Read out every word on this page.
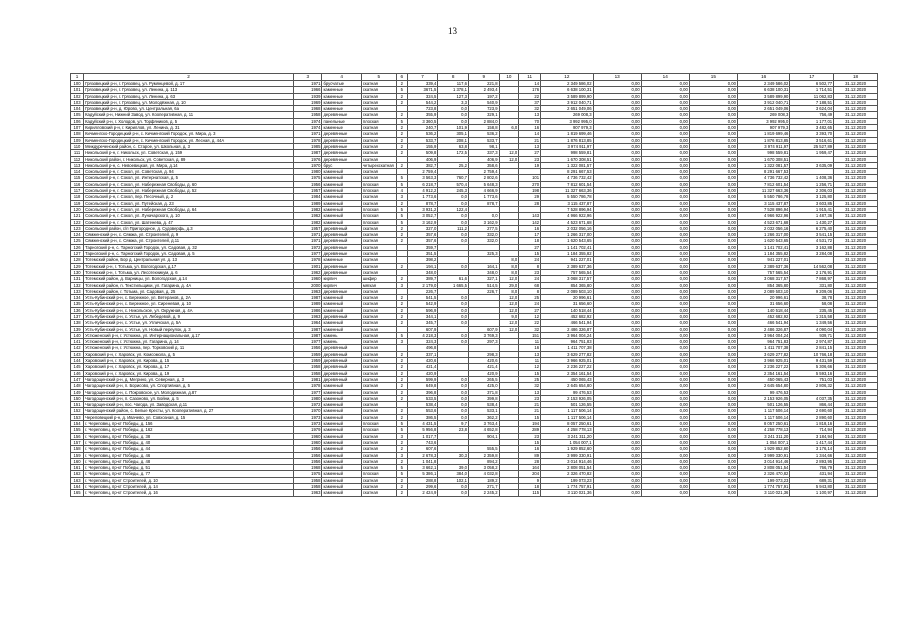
13
1	2	3	4	5	6	7	8	9	10	11	12	13	14	15	16	17	18
100	Грязовецкий р-н, г. Грязовец, ул. Румянцевой, д. 17	1971	брусчатые	скатная	2	339,4	117,6	221,8		14	2 349 586,02	0,00	0,00	0,00	2 349 586,02	6 502,77	31.12.2020
101	Грязовецкий р-н, г. Грязовец, ул. Ленина, д. 113	1966	каменные	скатная	5	3671,5	1 378,1	2 493,4		176	6 638 100,31	0,00	0,00	0,00	6 638 100,31	1 714,51	31.12.2020
102	Грязовецкий р-н, г. Грязовец, ул. Ленина, д. 63	1939	каменные	скатная	2	324,5	127,3	197,2		22	3 589 899,90	0,00	0,00	0,00	3 589 899,90	11 062,83	31.12.2020
103	Грязовецкий р-н, г. Грязовец, ул. Молодёжная, д. 10	1969	каменные	скатная	2	544,2	3,3	540,9		37	3 912 040,71	0,00	0,00	0,00	3 912 040,71	7 188,51	31.12.2020
104	Грязовецкий р-н, д. Юрово, ул. Центральная, 6а	1968	каменные	скатная		723,8	0,0	723,9		32	2 651 049,06	0,00	0,00	0,00	2 651 049,06	3 624,04	31.12.2020
105	Кадуйский р-н, Нижний Завод, ул. Кооперативная, д. 11	1958	деревянные	скатная	2	355,9	0,0	329,1		13	269 008,3	0,00	0,00	0,00	269 008,3	756,49	31.12.2020
106	Кадуйский р-н, г. Холодов, ул. Торфяников, д. 5	1974	панельные	плоская	5	3 360,5	0,0	2 884,0		70	3 992 995,0	0,00	0,00	0,00	3 992 995,0	1 177,01	31.12.2020
107	Кирилловский р-н, г. Кириллов, ул. Ленина, д. 31	1974	каменные	скатная	2	240,7	101,9	158,8	6,0	16	907 979,3	0,00	0,00	0,00	907 979,3	3 482,65	31.12.2020
108	Кичменгско-Городецкий р-н, с. Кичменгский Городок, ул. Мира, д. 3	1971	деревянные	скатная	2	536,2	305,1	536,2		14	1 819 699,46	0,00	0,00	0,00	1 819 699,46	3 393,70	31.12.2020
109	Кичменгско-Городецкий р-н, с. Кичменгский Городок, ул. Лесная, д. 44А	1978	деревянные	скатная	2	533,7	208,1	533,7		21	1 876 813,85	0,00	0,00	0,00	1 876 813,85	3 516,61	31.12.2020
110	Междуреченский район, с. Старое, ул. Школьная, д. 3	1985	деревянные	скатная	2	155,9	63,8	98,1		13	3 974 911,97	0,00	0,00	0,00	3 974 911,97	25 527,89	31.12.2020
111	Никольский р-н, г. Никольск, ул. Советская, д. 159	1987	деревянные	скатная	2	509,8	172,5	337,3	12,0	27	998 559,81	0,00	0,00	0,00	998 559,81	1 959,47	31.12.2020
112	Никольский район, г. Никольск, ул. Советская, д. 89	1976	деревянные	скатная		406,9		406,9	12,0	23	1 670 308,51	0,00	0,00	0,00	1 670 308,51		31.12.2020
113	Никольский р-н, с. Невоевицкая, ул. Мира, д.14	1970	брус	четырехскатная	2	382,7	25,2	358,6		19	1 322 081,57	0,00	0,00	0,00	1 322 081,57	3 635,09	31.12.2020
114	Сокольский р-н, г. Сокол, ул. Советская, д. 94	1980	каменный	скатная		2 759,4		2 759,4			8 291 667,53	0,00	0,00	0,00	8 291 667,53		31.12.2020
115	Сокольский р-н, г. Сокол, ул. Интернатская, д. 5	1975	каменный	скатная	5	3 563,3	760,7	2 802,6		101	4 736 732,42	0,00	0,00	0,00	4 736 732,42	1 408,36	31.12.2020
116	Сокольский р-н, г. Сокол, ул. Набережная Свободы, д. 60	1956	каменный	плоская	5	6 218,7	570,4	5 648,3		270	7 812 601,54	0,00	0,00	0,00	7 812 601,54	1 256,71	31.12.2020
117	Сокольский р-н, г. Сокол, ул. Набережная Свободы, д. 52	1957	каменный	плоская	4	4 912,2	245,3	4 666,9		198	11 327 663,36	0,00	0,00	0,00	11 327 663,36	2 306,03	31.12.2020
118	Сокольский р-н, г. Сокол, пер. Песочный, д. 2	1984	каменный	скатная	3	1 773,6	0,0	1 773,6		29	5 550 786,78	0,00	0,00	0,00	5 550 786,78	3 125,80	31.12.2020
119	Сокольский р-н, г. Сокол, ул. Путейская, д. 23	1989	каменный	скатная	2	878,7	0,0	878,7		28	3 115 437,87	0,00	0,00	0,00	3 115 437,87	3 603,85	31.12.2020
120	Сокольский р-н, г. Сокол, ул. Набережная Свободы, д. 64	1982	каменный	плоская	5	3 931,2	122,4				7 528 896,94	0,00	0,00	0,00	7 528 896,94	1 915,41	31.12.2020
121	Сокольский р-н, г. Сокол, ул. Луначарского, д. 10	1962	каменный	плоская	5	3 052,7	0,0	0,0		143	4 966 922,96	0,00	0,00	0,00	4 966 922,96	1 487,36	31.12.2020
122	Сокольский р-н, г. Сокол, ул. Шатенева, д. 47	1982	каменный	плоская	5	3 162,9	0,0	3 162,9		142	4 523 671,68	0,00	0,00	0,00	4 523 671,68	1 430,27	31.12.2020
123	Сокольский район, с/п Пригородное, д. Судоверфь, д.3	1957	деревянный	скатная	2	327,0	111,2	277,5		16	2 032 056,16	0,00	0,00	0,00	2 032 056,16	6 275,40	31.12.2020
124	Сямженский р-н, с. Сямжа, ул. Строителей, д. 9	1971	деревянный	скатная	2	357,6	0,0	332,0		17	1 266 317,00	0,00	0,00	0,00	1 266 317,00	3 541,15	31.12.2020
125	Сямженский р-н, с. Сямжа, ул. Строителей, д.11	1971	деревянный	скатная	2	357,6	0,0	332,0		18	1 620 543,65	0,00	0,00	0,00	1 620 543,65	4 531,72	31.12.2020
126	Тарногский р-н, с. Тарногский Городок, ул. Садовая, д. 32	1972	деревянные	скатная		359,7				27	1 141 702,41	0,00	0,00	0,00	1 141 702,41	3 162,88	31.12.2020
127	Тарногский р-н, с. Тарногский Городок, ул. Садовая, д. 5	1977	деревянные	скатная		351,5		325,3		15	1 184 355,82	0,00	0,00	0,00	1 184 355,82	3 284,08	31.12.2020
128	Тотемский район, Бор д. Центральная ул. д. 13	1978	каменные	скатная		398,2			8,0	24	941 227,01	0,00	0,00	0,00	941 227,01		31.12.2020
129	Тотемский р-н, г. Тотьма, ул. Вологодская, д.17	1901	деревянные	скатная	2	194,1	0,0	164,1	8,0	8	2 389 637,36	0,00	0,00	0,00	2 389 637,36	14 562,08	31.12.2020
130	Тотемский р-н, г. Тотьма, ул. Лесотехникум, д. 6	1962	деревянные	скатная		348,0		348,0	8,0	23	757 565,54	0,00	0,00	0,00	757 565,54	2 176,91	31.12.2020
131	Тотемский район, д. Варницы, ул. Вологодская, д.14	1960	кирпич	шифер	2	389,7	61,6	327,1	12,0	24	3 068 317,57	0,00	0,00	0,00	3 068 317,57	7 868,97	31.12.2020
132	Тотемский район, п. Текстильщики, ул. Гагарина, д. 4А	2000	кирпич	мягкая	3	2 179,0	1 665,5	514,5	29,0	68	854 365,80	0,00	0,00	0,00	854 365,80	331,80	31.12.2020
133	Тотемский район, г. Тотьма, ул. Садовая, д. 25	1963	деревянные	скатная		226,7		226,7	8,0	8	2 089 503,10	0,00	0,00	0,00	2 089 503,10	9 209,06	31.12.2020
134	Усть-Кубинский р-н, с. Бережное, ул. Ветеранов, д. 2А	1987	каменный	скатная	2	541,5	0,0		12,0	25	20 996,61	0,00	0,00	0,00	20 996,61	38,78	31.12.2020
135	Усть-Кубинский р-н, с. Бережное, ул. Сиреневая, д. 10	1989	каменный	скатная	2	542,9	0,0		12,0	24	31 656,60	0,00	0,00	0,00	31 656,60	58,08	31.12.2020
136	Усть-Кубинский р-н, с. Никольское, ул. Окружная, д. 4А	1986	каменный	скатная	2	596,9	0,0		12,0	27	140 518,44	0,00	0,00	0,00	140 518,44	235,45	31.12.2020
137	Усть-Кубинский р-н, с. Устье, ул. Лебедевой, д. 9	1963	деревянный	скатная	2	344,1	0,0		9,0	12	452 682,92	0,00	0,00	0,00	452 682,92	1 315,58	31.12.2020
138	Усть-Кубинский р-н, с. Устье, ул. Угличская, д. 5А	1964	каменный	скатная	2	345,7	0,0		12,0	22	466 541,94	0,00	0,00	0,00	466 541,94	1 349,56	31.12.2020
139	Усть-Кубинский р-н, с. Устье, ул. Новый переулок, д. 3	1987	каменный	скатная		607,9		607,9	12,0	32	2 486 326,87	0,00	0,00	0,00	2 486 326,87	4 090,04	31.12.2020
140	Устюженский р-н, г. Устюжна, ул. Интернациональная, д.17	1987	камень	скатная	5	4 218,3	0,0	3 769,3		151	3 964 004,24	0,00	0,00	0,00	3 964 004,24	939,71	31.12.2020
141	Устюженский р-н, г. Устюжна, ул. Гагарина, д. 14	1977	камень	скатная	3	324,3	0,0	297,3		11	964 751,83	0,00	0,00	0,00	964 751,83	2 974,87	31.12.2020
142	Устюженский р-н, г. Устюжна, пер. Торковский д. 11	1956	деревянный	скатная		496,8				16	1 411 707,38	0,00	0,00	0,00	1 411 707,38	2 841,15	31.12.2020
143	Харовский р-н, г. Харовск, ул. Комсомола, д. 5	1959	деревянный	скатная	2	337,1		298,3		13	3 629 277,82	0,00	0,00	0,00	3 629 277,82	10 766,18	31.12.2020
144	Харовский р-н, г. Харовск, ул. Кирова, д. 15	1959	деревянный	скатная	2	420,6		420,6		11	3 966 925,01	0,00	0,00	0,00	3 966 925,01	9 431,59	31.12.2020
145	Харовский р-н, г. Харовск, ул. Кирова, д. 17	1958	деревянный	скатная	2	421,4		421,4		12	2 236 227,22	0,00	0,00	0,00	2 236 227,22	5 306,66	31.12.2020
146	Харовский р-н, г. Харовск, ул. Кирова, д. 19	1958	деревянный	скатная	2	420,9		420,9		15	2 354 161,54	0,00	0,00	0,00	2 354 161,54	5 593,16	31.12.2020
147	Чагодощенский р-н, д. Мегрино, ул. Северная, д. 3	1981	деревянный	скатная	2	599,9	0,0	265,5		25	450 065,43	0,00	0,00	0,00	450 065,43	751,03	31.12.2020
148	Чагодощенский р-н, п. Борисово, ул. Спортивная, д. 5	1978	каменный	скатная	2	649,8	0,0	425,0		32	2 645 654,80	0,00	0,00	0,00	2 645 654,80	2 806,32	31.12.2020
149	Чагодощенский р-н, с. Покровское, ул. Молодежная, д.87	1977	каменный	скатная	2	396,8	0,0	371,8		13	99 476,53	0,00	0,00	0,00	99 476,53		31.12.2020
150	Чагодощенский р-н, п. Сазоново, ул. Бойни, д. 5	1980	каменный	скатная	2	533,5	0,0	399,8		23	2 153 926,05	0,00	0,00	0,00	2 153 926,05	4 037,35	31.12.2020
151	Чагодощенский р-н, пос. Чагода, ул. Заводская, д.11	1972	каменный	скатная		538,4	0,0	538,4		21	501 126,55	0,00	0,00	0,00	501 126,55	866,44	31.12.2020
152	Чагодощенский район, с. Белые Кресты, ул. Кооперативная, д. 27	1970	каменный	скатная	2	553,6	0,0	533,1		21	1 117 506,14	0,00	0,00	0,00	1 117 506,14	2 690,60	31.12.2020
153	Череповецкий р-н, д. Ивачево, ул. Совхозная, д. 15	1973	каменный	скатная	2	386,5	0,0	362,2		15	1 117 506,14	0,00	0,00	0,00	1 117 506,14	2 890,60	31.12.2020
154	г. Череповец, пр-кт Победы, д. 156	1973	каменный	плоская	5	4 431,5	9,7	3 763,4		194	8 057 250,61	0,00	0,00	0,00	8 057 250,61	1 818,16	31.12.2020
155	г. Череповец, пр-кт Победы, д. 162	1979	каменный	плоская	5	5 956,8	23,8	4 652,8		289	4 258 778,13	0,00	0,00	0,00	4 258 778,13	714,94	31.12.2020
156	г. Череповец, пр-кт Победы, д. 38	1960	каменный	скатная	3	1 017,7		904,1		23	3 241 311,20	0,00	0,00	0,00	3 241 311,20	3 184,94	31.12.2020
157	г. Череповец, пр-кт Победы, д. 40	1960	каменный	скатная	2	743,6				15	1 054 007,1	0,00	0,00	0,00	1 054 007,1	1 417,44	31.12.2020
158	г. Череповец, пр-кт Победы, д. 44	1956	каменный	скатная	2	607,6		555,5		16	1 929 852,60	0,00	0,00	0,00	1 929 852,60	3 176,14	31.12.2020
159	г. Череповец, пр-кт Победы, д. 46	1956	каменный	скатная	3	2 678,3	30,3	2 359,8		89	3 999 330,91	0,00	0,00	0,00	3 999 330,91	1 344,66	31.12.2020
160	г. Череповец, пр-кт Победы, д. 48	1956	каменный	скатная	2	1 041,8		894,2		28	3 014 914,46	0,00	0,00	0,00	3 014 914,46	2 893,95	31.12.2020
161	г. Череповец, пр-кт Победы, д. 51	1968	каменный	скатная	5	3 662,1	39,0	3 058,2		164	2 808 051,54	0,00	0,00	0,00	2 808 051,54	766,79	31.12.2020
162	г. Череповец, пр-кт Победы, д. 77	1975	каменный	плоская	5	5 386,1	384,0	4 032,8		204	2 326 470,82	0,00	0,00	0,00	2 326 470,82	431,94	31.12.2020
163	г. Череповец, пр-кт Строителей, д. 10	1958	каменный	скатная	2	288,8	102,1	189,2		9	199 073,23	0,00	0,00	0,00	199 073,23	689,31	31.12.2020
164	г. Череповец, пр-кт Строителей, д. 14	1958	каменный	скатная	2	299,6	0,0	271,7		18	1 774 757,91	0,00	0,00	0,00	1 774 757,91	5 943,80	31.12.2020
165	г. Череповец, пр-кт Строителей, д. 16	1963	каменный	скатная	2	2 424,9	0,0	2 245,2		115	3 110 021,36	0,00	0,00	0,00	3 110 021,36	1 100,97	31.12.2020
